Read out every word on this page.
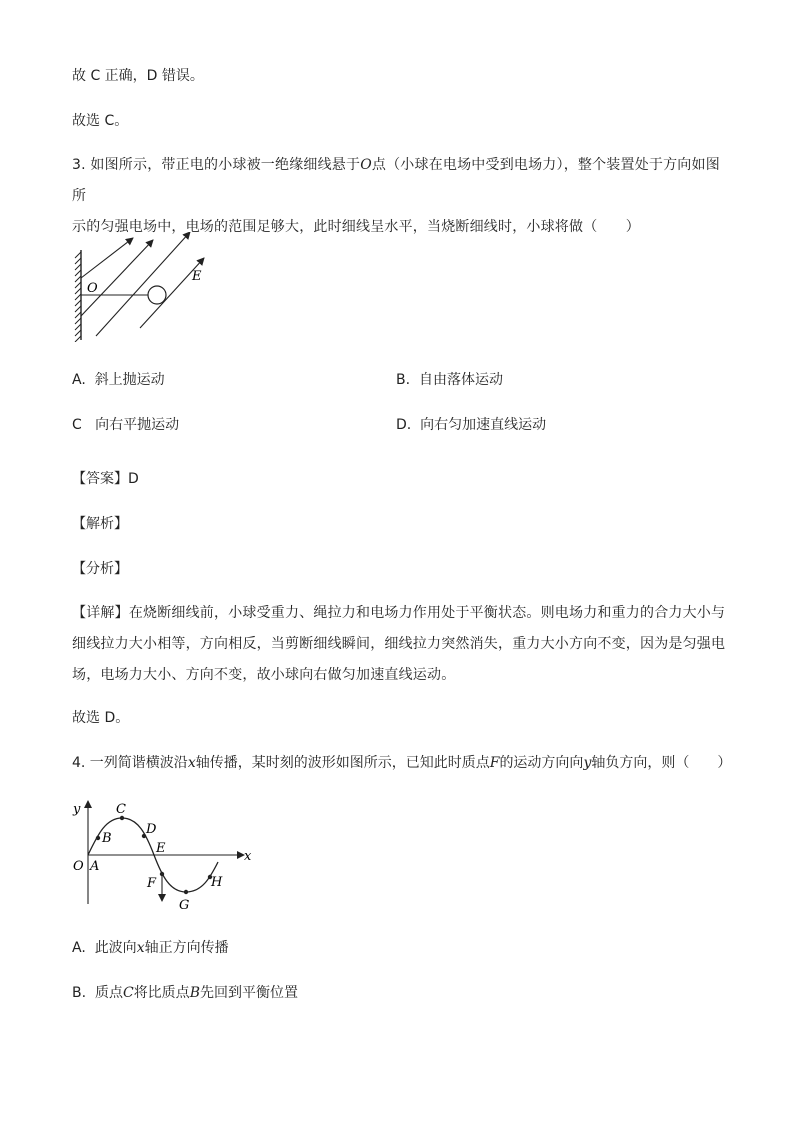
故 C 正确，D 错误。
故选 C。
3. 如图所示，带正电的小球被一绝缘细线悬于O点（小球在电场中受到电场力），整个装置处于方向如图所
示的匀强电场中，电场的范围足够大，此时细线呈水平，当烧断细线时，小球将做（　　）
O
E
A. 斜上抛运动	B. 自由落体运动
C 向右平抛运动	D. 向右匀加速直线运动
【答案】D
【解析】
【分析】
【详解】在烧断细线前，小球受重力、绳拉力和电场力作用处于平衡状态。则电场力和重力的合力大小与
细线拉力大小相等，方向相反，当剪断细线瞬间，细线拉力突然消失，重力大小方向不变，因为是匀强电
场，电场力大小、方向不变，故小球向右做匀加速直线运动。
故选 D。
4. 一列简谐横波沿x轴传播，某时刻的波形如图所示，已知此时质点F的运动方向向y轴负方向，则（　　）
y
x
O A
B
C
D
E
F
G
H
A. 此波向x轴正方向传播
B. 质点C将比质点B先回到平衡位置
